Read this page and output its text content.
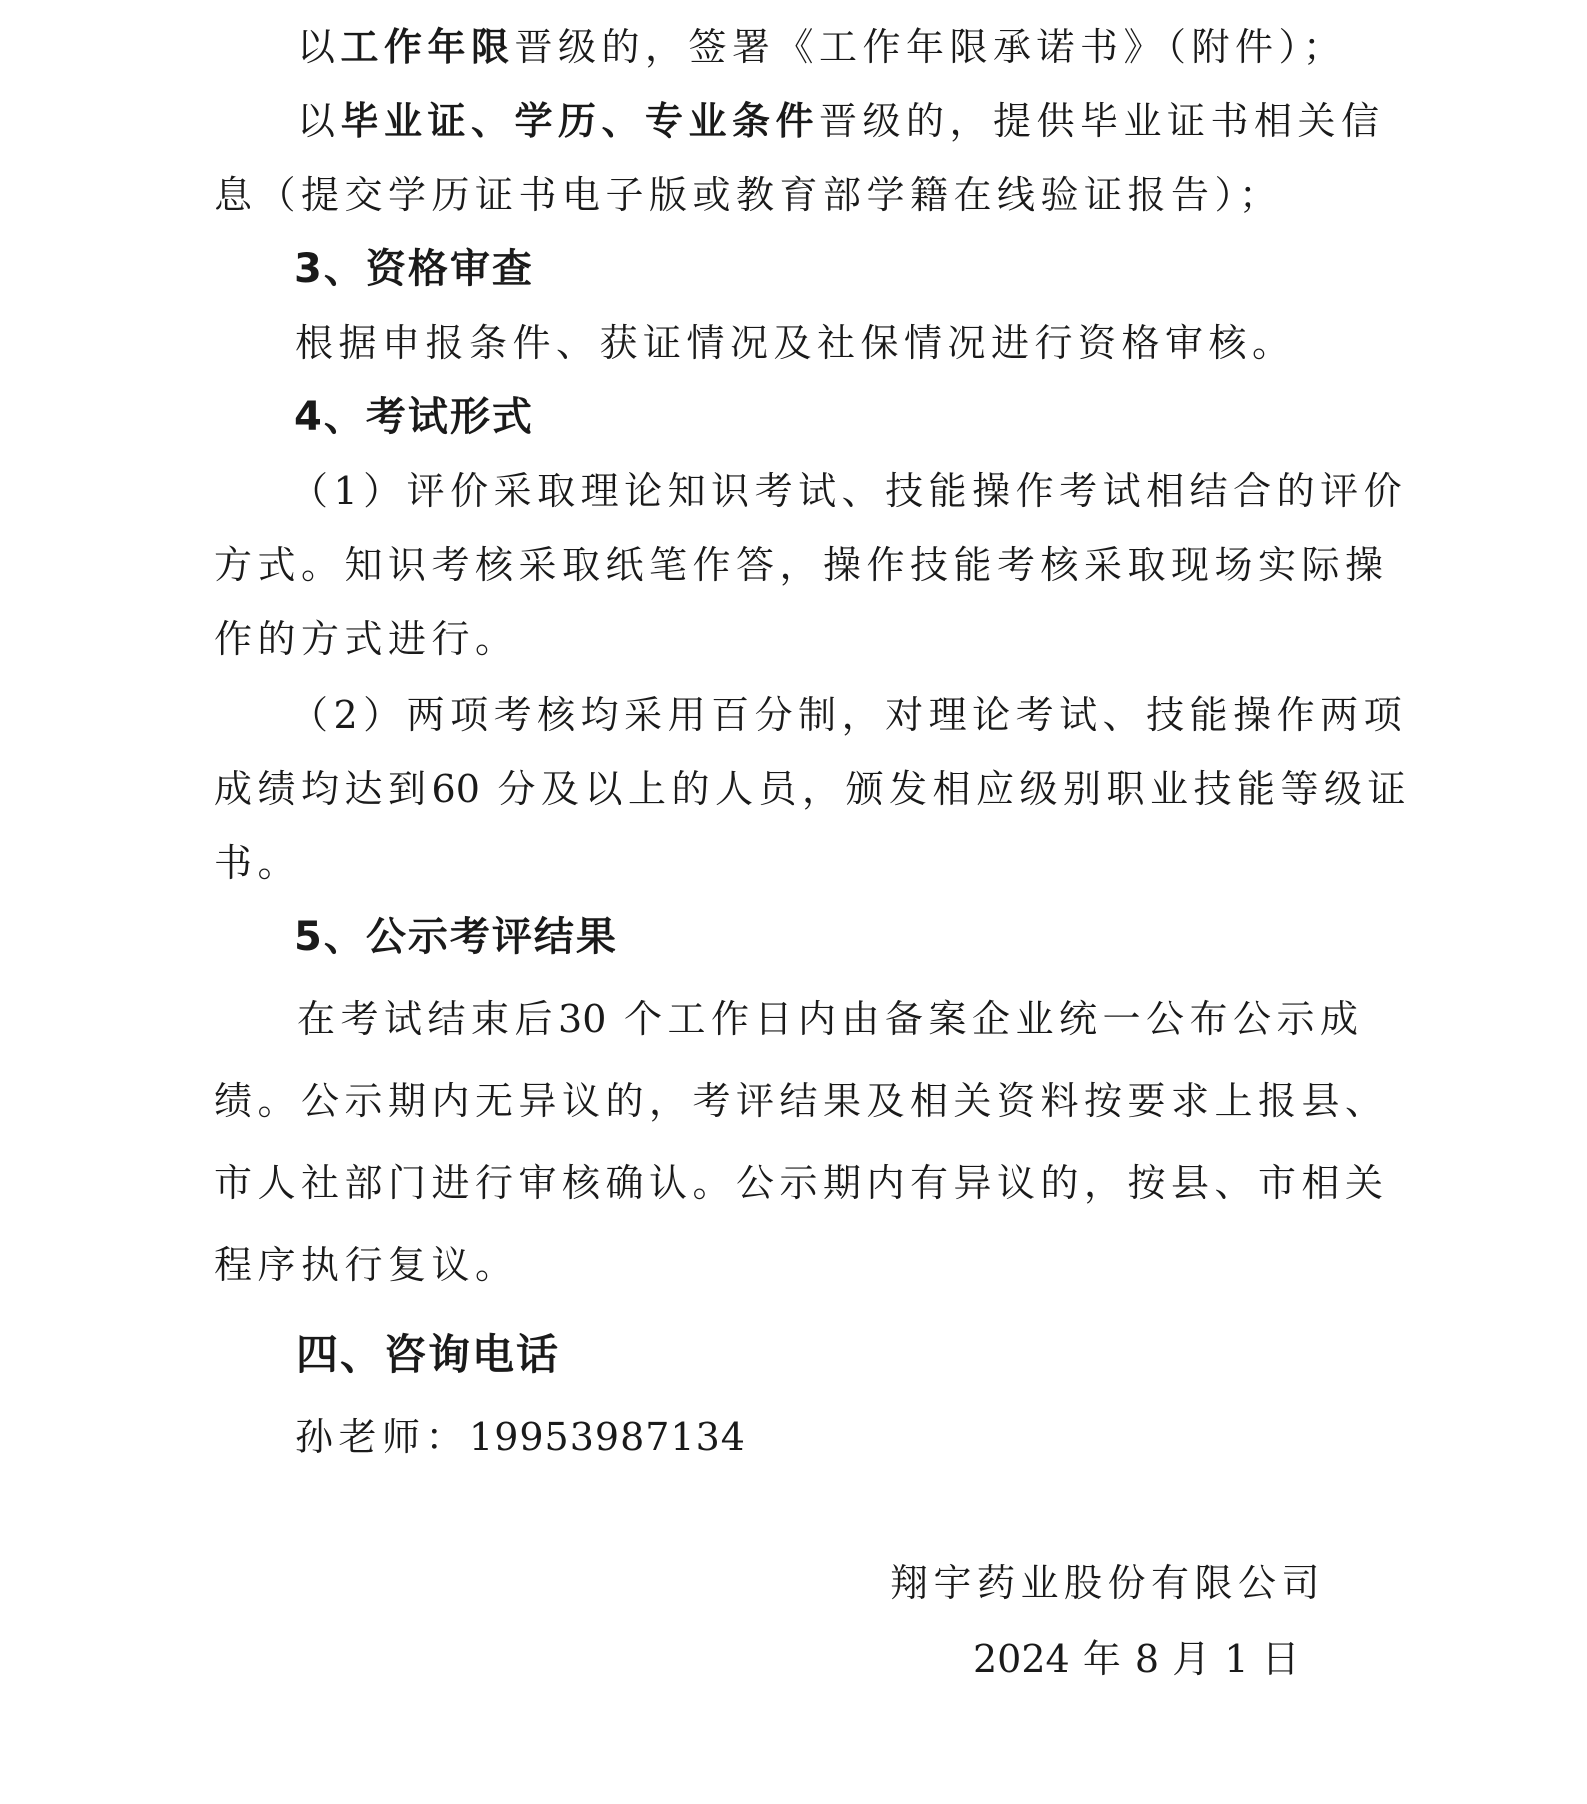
以工作年限晋级的，签署《工作年限承诺书》（附件）；
以毕业证、学历、专业条件晋级的，提供毕业证书相关信
息（提交学历证书电子版或教育部学籍在线验证报告）；
3、资格审查
根据申报条件、获证情况及社保情况进行资格审核。
4、考试形式
（1）评价采取理论知识考试、技能操作考试相结合的评价
方式。知识考核采取纸笔作答，操作技能考核采取现场实际操
作的方式进行。
（2）两项考核均采用百分制，对理论考试、技能操作两项
成绩均达到60 分及以上的人员，颁发相应级别职业技能等级证
书。
5、公示考评结果
在考试结束后30 个工作日内由备案企业统一公布公示成
绩。公示期内无异议的，考评结果及相关资料按要求上报县、
市人社部门进行审核确认。公示期内有异议的，按县、市相关
程序执行复议。
四、咨询电话
孙老师：19953987134
翔宇药业股份有限公司
2024 年 8 月 1 日
